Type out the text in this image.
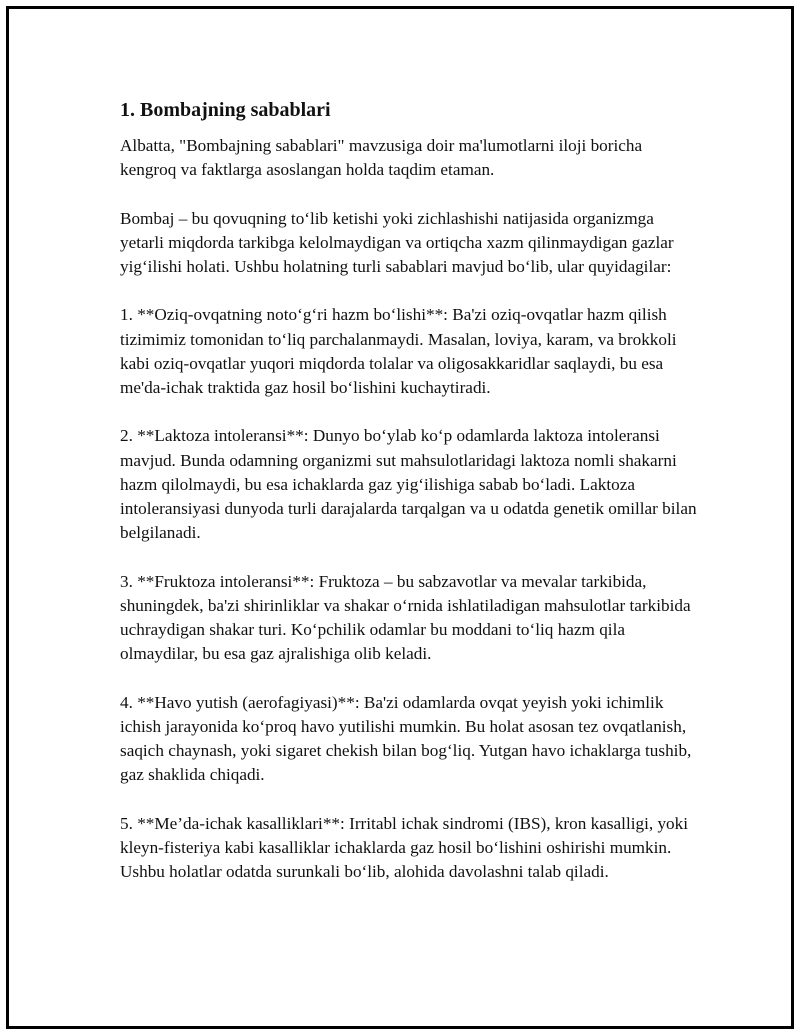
1. Bombajning sabablari

Albatta, "Bombajning sabablari" mavzusiga doir ma'lumotlarni iloji boricha kengroq va faktlarga asoslangan holda taqdim etaman.

Bombaj – bu qovuqning to‘lib ketishi yoki zichlashishi natijasida organizmga yetarli miqdorda tarkibga kelolmaydigan va ortiqcha xazm qilinmaydigan gazlar yig‘ilishi holati. Ushbu holatning turli sabablari mavjud bo‘lib, ular quyidagilar:

1. **Oziq-ovqatning noto‘g‘ri hazm bo‘lishi**: Ba'zi oziq-ovqatlar hazm qilish tizimimiz tomonidan to‘liq parchalanmaydi. Masalan, loviya, karam, va brokkoli kabi oziq-ovqatlar yuqori miqdorda tolalar va oligosakkaridlar saqlaydi, bu esa me'da-ichak traktida gaz hosil bo‘lishini kuchaytiradi.

2. **Laktoza intoleransi**: Dunyo bo‘ylab ko‘p odamlarda laktoza intoleransi mavjud. Bunda odamning organizmi sut mahsulotlaridagi laktoza nomli shakarni hazm qilolmaydi, bu esa ichaklarda gaz yig‘ilishiga sabab bo‘ladi. Laktoza intoleransiyasi dunyoda turli darajalarda tarqalgan va u odatda genetik omillar bilan belgilanadi.

3. **Fruktoza intoleransi**: Fruktoza – bu sabzavotlar va mevalar tarkibida, shuningdek, ba'zi shirinliklar va shakar o‘rnida ishlatiladigan mahsulotlar tarkibida uchraydigan shakar turi. Ko‘pchilik odamlar bu moddani to‘liq hazm qila olmaydilar, bu esa gaz ajralishiga olib keladi.

4. **Havo yutish (aerofagiyasi)**: Ba'zi odamlarda ovqat yeyish yoki ichimlik ichish jarayonida ko‘proq havo yutilishi mumkin. Bu holat asosan tez ovqatlanish, saqich chaynash, yoki sigaret chekish bilan bog‘liq. Yutgan havo ichaklarga tushib, gaz shaklida chiqadi.

5. **Me’da-ichak kasalliklari**: Irritabl ichak sindromi (IBS), kron kasalligi, yoki kleyn-fisteriya kabi kasalliklar ichaklarda gaz hosil bo‘lishini oshirishi mumkin. Ushbu holatlar odatda surunkali bo‘lib, alohida davolashni talab qiladi.
